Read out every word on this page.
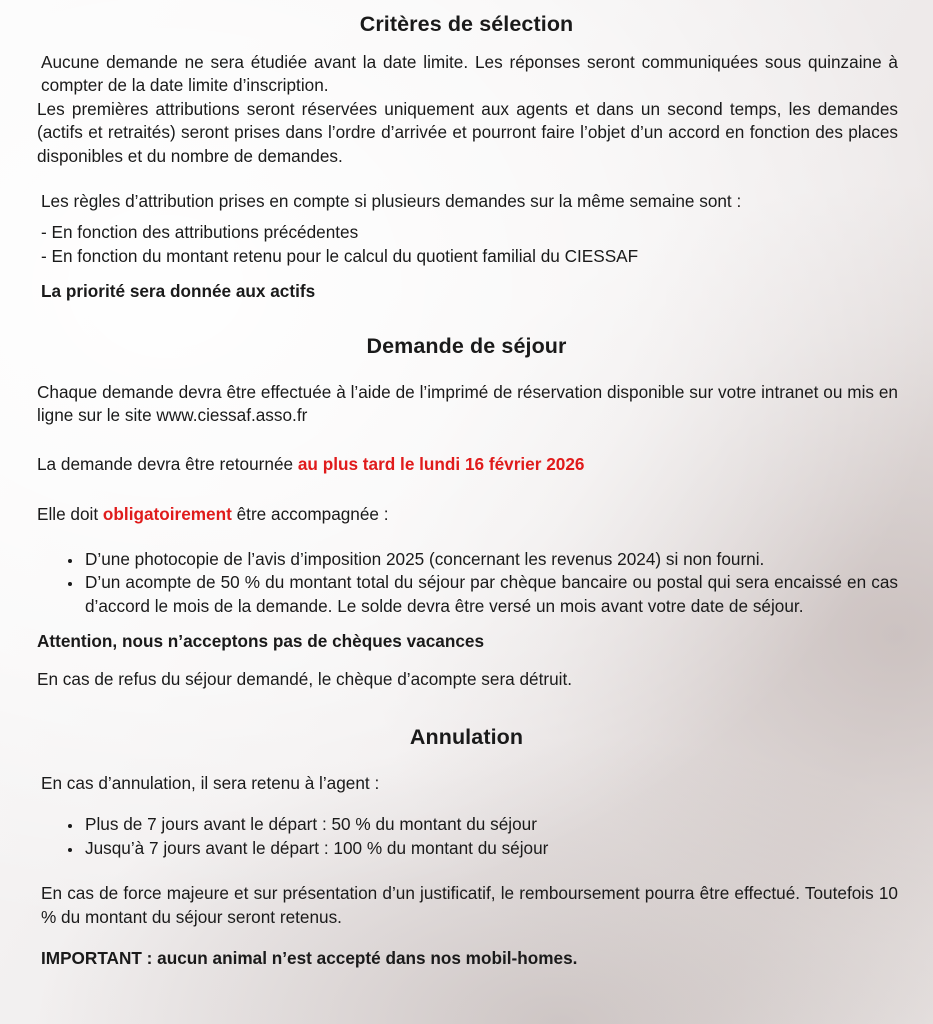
Critères de sélection

Aucune demande ne sera étudiée avant la date limite. Les réponses seront communiquées sous quinzaine à compter de la date limite d’inscription.

Les premières attributions seront réservées uniquement aux agents et dans un second temps, les demandes (actifs et retraités) seront prises dans l’ordre d’arrivée et pourront faire l’objet d’un accord en fonction des places disponibles et du nombre de demandes.

Les règles d’attribution prises en compte si plusieurs demandes sur la même semaine sont :

- En fonction des attributions précédentes

- En fonction du montant retenu pour le calcul du quotient familial du CIESSAF

La priorité sera donnée aux actifs

Demande de séjour

Chaque demande devra être effectuée à l’aide de l’imprimé de réservation disponible sur votre intranet ou mis en ligne sur le site www.ciessaf.asso.fr

La demande devra être retournée au plus tard le lundi 16 février 2026

Elle doit obligatoirement être accompagnée :

• D’une photocopie de l’avis d’imposition 2025 (concernant les revenus 2024) si non fourni.
• D’un acompte de 50 % du montant total du séjour par chèque bancaire ou postal qui sera encaissé en cas d’accord le mois de la demande. Le solde devra être versé un mois avant votre date de séjour.

Attention, nous n’acceptons pas de chèques vacances

En cas de refus du séjour demandé, le chèque d’acompte sera détruit.

Annulation

En cas d’annulation, il sera retenu à l’agent :

• Plus de 7 jours avant le départ : 50 % du montant du séjour
• Jusqu’à 7 jours avant le départ : 100 % du montant du séjour

En cas de force majeure et sur présentation d’un justificatif, le remboursement pourra être effectué. Toutefois 10 % du montant du séjour seront retenus.

IMPORTANT : aucun animal n’est accepté dans nos mobil-homes.
